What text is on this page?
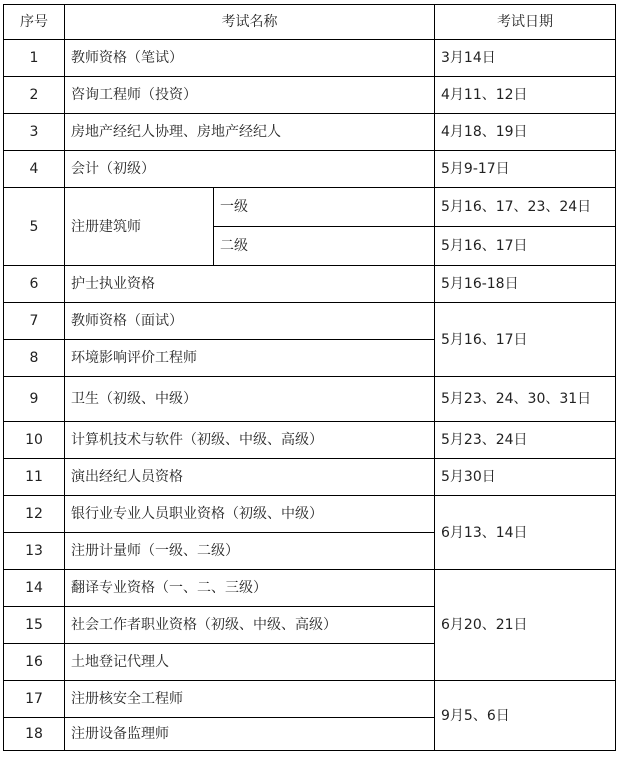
序号	考试名称		考试日期
1	教师资格（笔试）		3月14日
2	咨询工程师（投资）		4月11、12日
3	房地产经纪人协理、房地产经纪人		4月18、19日
4	会计（初级）		5月9-17日
5	注册建筑师	一级	5月16、17、23、24日
		二级	5月16、17日
6	护士执业资格		5月16-18日
7	教师资格（面试）		5月16、17日
8	环境影响评价工程师		
9	卫生（初级、中级）		5月23、24、30、31日
10	计算机技术与软件（初级、中级、高级）		5月23、24日
11	演出经纪人员资格		5月30日
12	银行业专业人员职业资格（初级、中级）		6月13、14日
13	注册计量师（一级、二级）		
14	翻译专业资格（一、二、三级）		6月20、21日
15	社会工作者职业资格（初级、中级、高级）		
16	土地登记代理人		
17	注册核安全工程师		9月5、6日
18	注册设备监理师		
